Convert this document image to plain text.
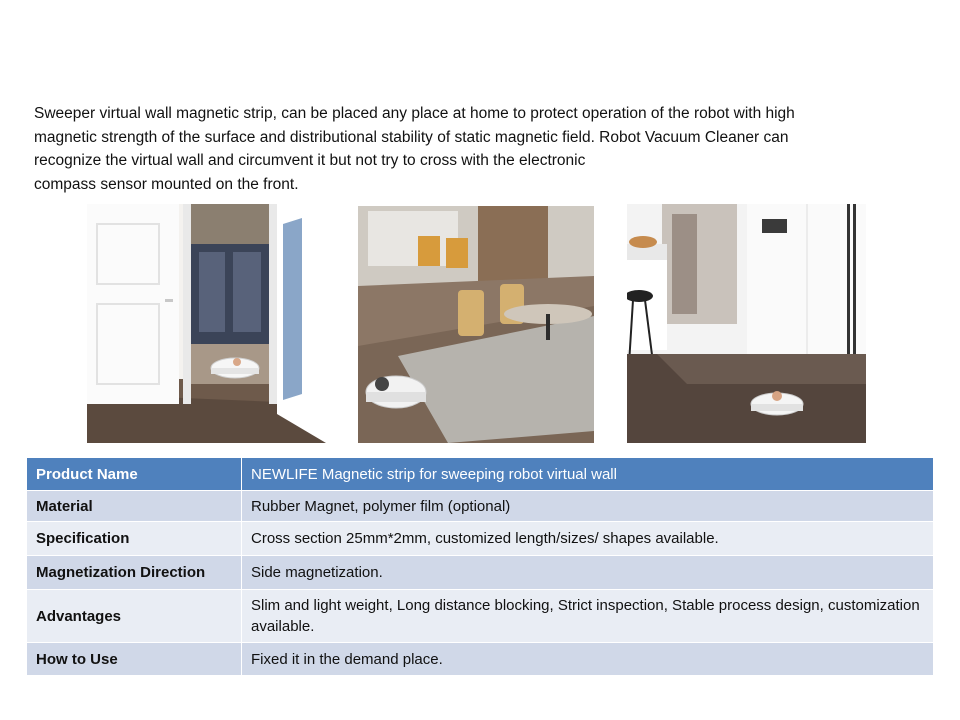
Sweeper virtual wall magnetic strip, can be placed any place at home to protect operation of the robot with high
magnetic strength of the surface and distributional stability of static magnetic field. Robot Vacuum Cleaner can
recognize the virtual wall and circumvent it but not try to cross with the electronic
compass sensor mounted on the front.

Product Name	NEWLIFE Magnetic strip for sweeping robot virtual wall
Material	Rubber Magnet, polymer film (optional)
Specification	Cross section 25mm*2mm, customized length/sizes/ shapes available.
Magnetization Direction	Side magnetization.
Advantages	Slim and light weight, Long distance blocking, Strict inspection, Stable process design, customization available.
How to Use	Fixed it in the demand place.
